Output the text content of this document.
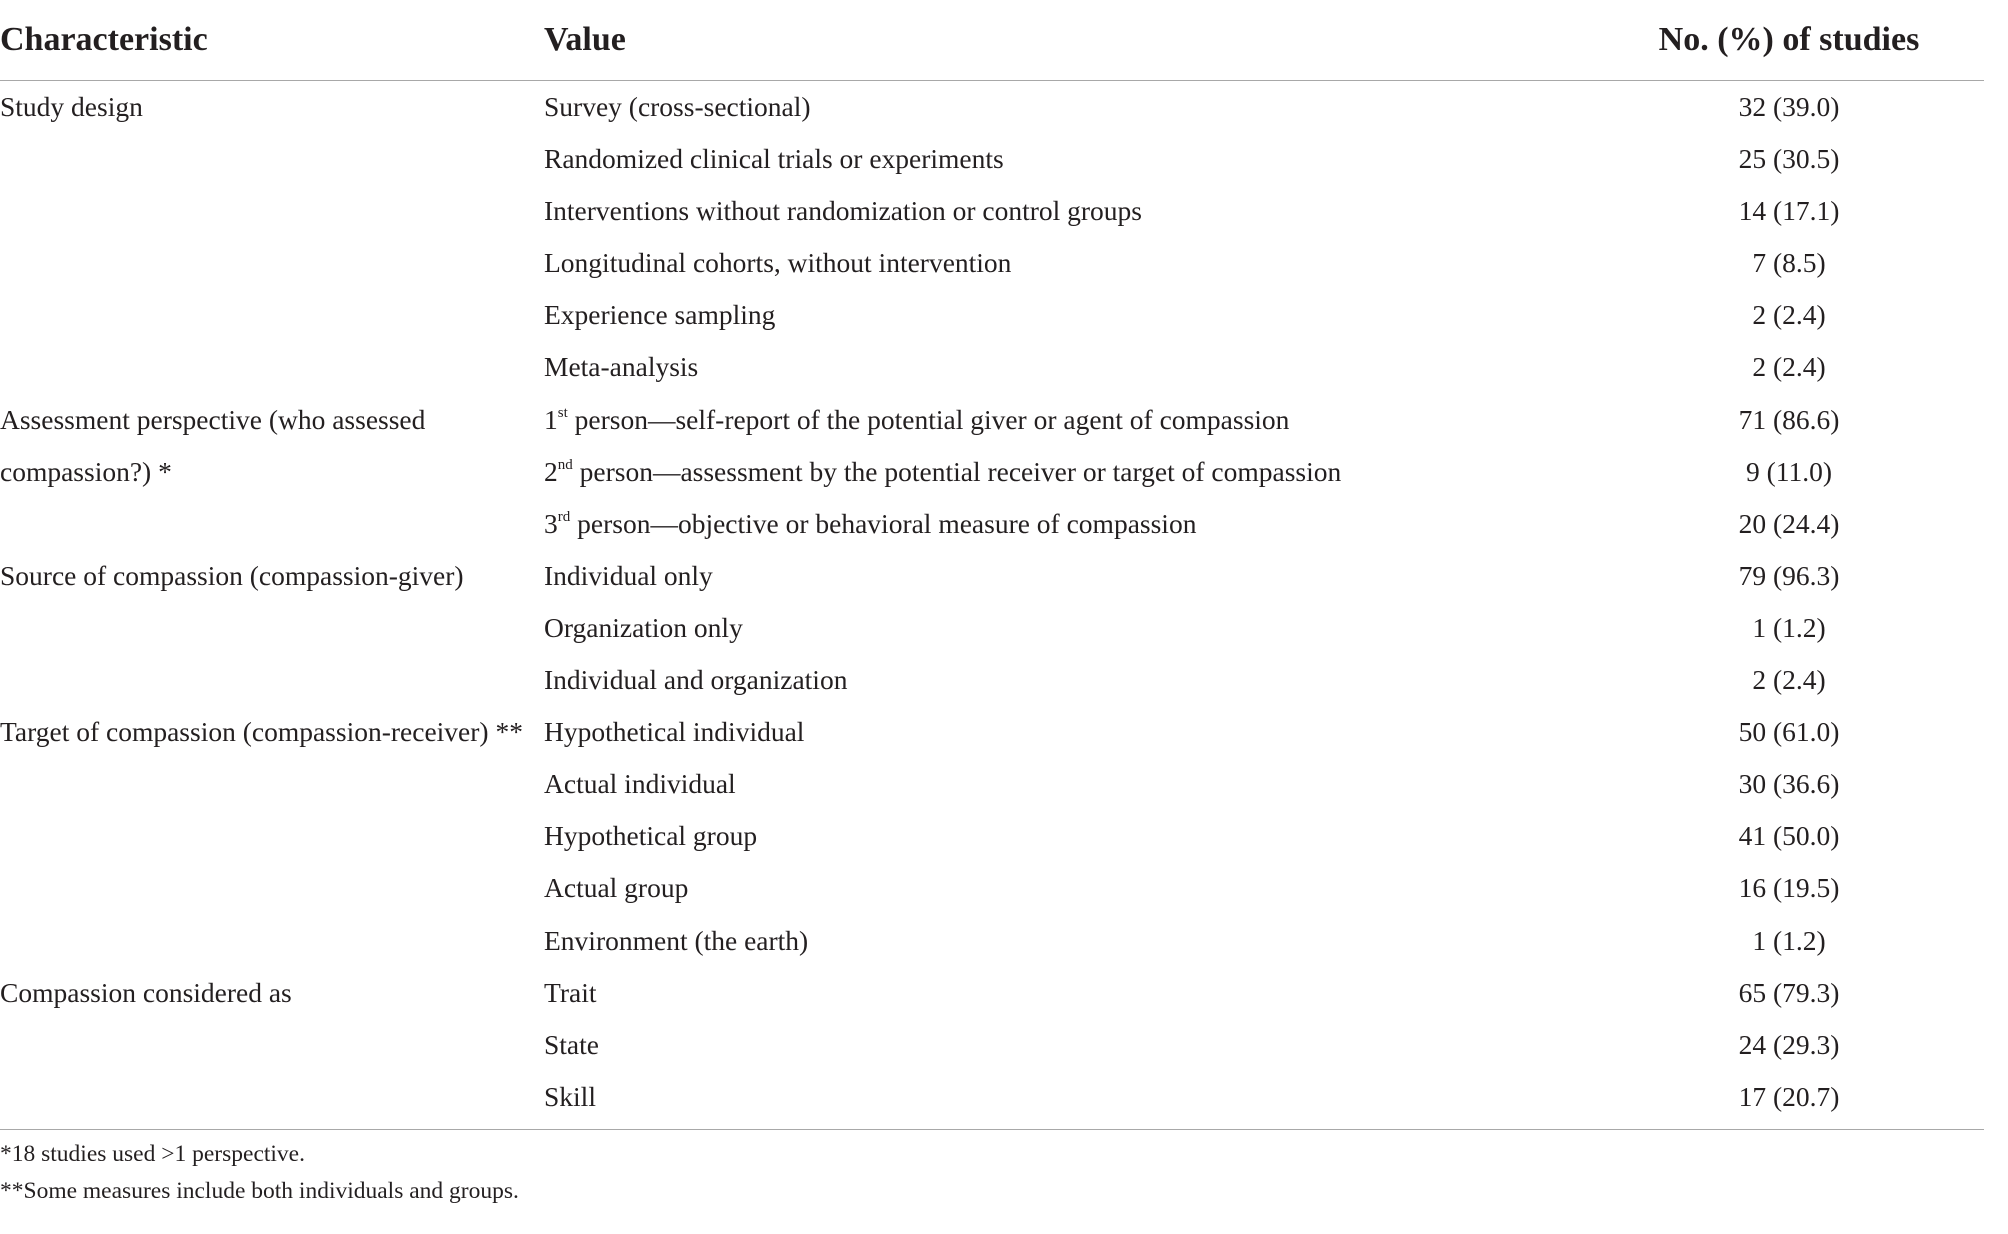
Characteristic	Value	No. (%) of studies
Study design	Survey (cross-sectional)	32 (39.0)
	Randomized clinical trials or experiments	25 (30.5)
	Interventions without randomization or control groups	14 (17.1)
	Longitudinal cohorts, without intervention	7 (8.5)
	Experience sampling	2 (2.4)
	Meta-analysis	2 (2.4)
Assessment perspective (who assessed compassion?) *	1st person—self-report of the potential giver or agent of compassion	71 (86.6)
	2nd person—assessment by the potential receiver or target of compassion	9 (11.0)
	3rd person—objective or behavioral measure of compassion	20 (24.4)
Source of compassion (compassion-giver)	Individual only	79 (96.3)
	Organization only	1 (1.2)
	Individual and organization	2 (2.4)
Target of compassion (compassion-receiver) **	Hypothetical individual	50 (61.0)
	Actual individual	30 (36.6)
	Hypothetical group	41 (50.0)
	Actual group	16 (19.5)
	Environment (the earth)	1 (1.2)
Compassion considered as	Trait	65 (79.3)
	State	24 (29.3)
	Skill	17 (20.7)
*18 studies used >1 perspective.
**Some measures include both individuals and groups.
